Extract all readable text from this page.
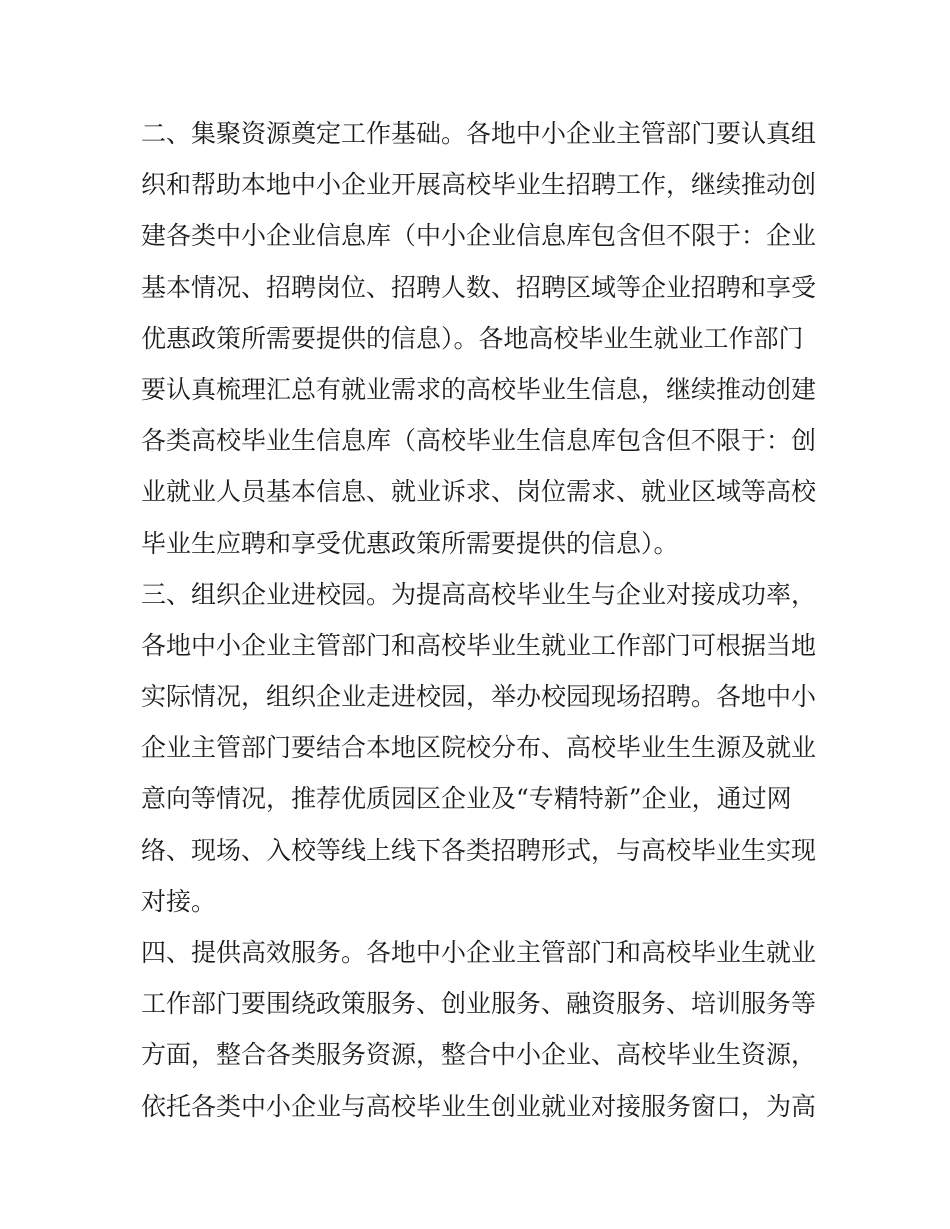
二、集聚资源奠定工作基础。各地中小企业主管部门要认真组
织和帮助本地中小企业开展高校毕业生招聘工作，继续推动创
建各类中小企业信息库（中小企业信息库包含但不限于：企业
基本情况、招聘岗位、招聘人数、招聘区域等企业招聘和享受
优惠政策所需要提供的信息）。各地高校毕业生就业工作部门
要认真梳理汇总有就业需求的高校毕业生信息，继续推动创建
各类高校毕业生信息库（高校毕业生信息库包含但不限于：创
业就业人员基本信息、就业诉求、岗位需求、就业区域等高校
毕业生应聘和享受优惠政策所需要提供的信息）。
三、组织企业进校园。为提高高校毕业生与企业对接成功率，
各地中小企业主管部门和高校毕业生就业工作部门可根据当地
实际情况，组织企业走进校园，举办校园现场招聘。各地中小
企业主管部门要结合本地区院校分布、高校毕业生生源及就业
意向等情况，推荐优质园区企业及“专精特新”企业，通过网
络、现场、入校等线上线下各类招聘形式，与高校毕业生实现
对接。
四、提供高效服务。各地中小企业主管部门和高校毕业生就业
工作部门要围绕政策服务、创业服务、融资服务、培训服务等
方面，整合各类服务资源，整合中小企业、高校毕业生资源，
依托各类中小企业与高校毕业生创业就业对接服务窗口，为高
